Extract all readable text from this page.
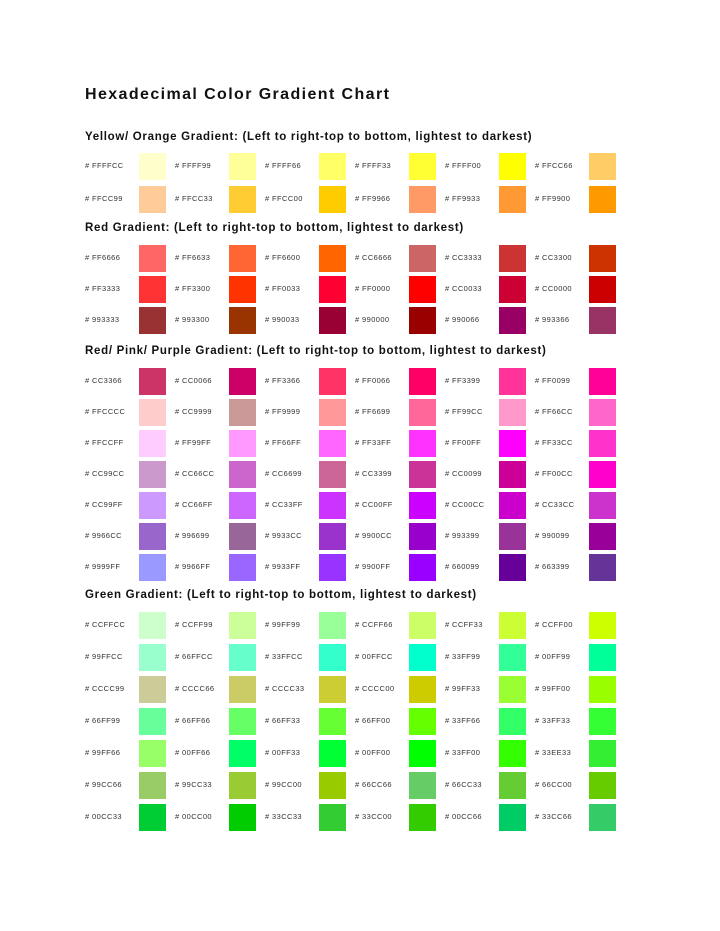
Hexadecimal Color Gradient Chart
Yellow/ Orange Gradient: (Left to right-top to bottom, lightest to darkest)
# FFFFCC	# FFFF99	# FFFF66	# FFFF33	# FFFF00	# FFCC66
# FFCC99	# FFCC33	# FFCC00	# FF9966	# FF9933	# FF9900
Red Gradient: (Left to right-top to bottom, lightest to darkest)
# FF6666	# FF6633	# FF6600	# CC6666	# CC3333	# CC3300
# FF3333	# FF3300	# FF0033	# FF0000	# CC0033	# CC0000
# 993333	# 993300	# 990033	# 990000	# 990066	# 993366
Red/ Pink/ Purple Gradient: (Left to right-top to bottom, lightest to darkest)
# CC3366	# CC0066	# FF3366	# FF0066	# FF3399	# FF0099
# FFCCCC	# CC9999	# FF9999	# FF6699	# FF99CC	# FF66CC
# FFCCFF	# FF99FF	# FF66FF	# FF33FF	# FF00FF	# FF33CC
# CC99CC	# CC66CC	# CC6699	# CC3399	# CC0099	# FF00CC
# CC99FF	# CC66FF	# CC33FF	# CC00FF	# CC00CC	# CC33CC
# 9966CC	# 996699	# 9933CC	# 9900CC	# 993399	# 990099
# 9999FF	# 9966FF	# 9933FF	# 9900FF	# 660099	# 663399
Green Gradient: (Left to right-top to bottom, lightest to darkest)
# CCFFCC	# CCFF99	# 99FF99	# CCFF66	# CCFF33	# CCFF00
# 99FFCC	# 66FFCC	# 33FFCC	# 00FFCC	# 33FF99	# 00FF99
# CCCC99	# CCCC66	# CCCC33	# CCCC00	# 99FF33	# 99FF00
# 66FF99	# 66FF66	# 66FF33	# 66FF00	# 33FF66	# 33FF33
# 99FF66	# 00FF66	# 00FF33	# 00FF00	# 33FF00	# 33EE33
# 99CC66	# 99CC33	# 99CC00	# 66CC66	# 66CC33	# 66CC00
# 00CC33	# 00CC00	# 33CC33	# 33CC00	# 00CC66	# 33CC66
